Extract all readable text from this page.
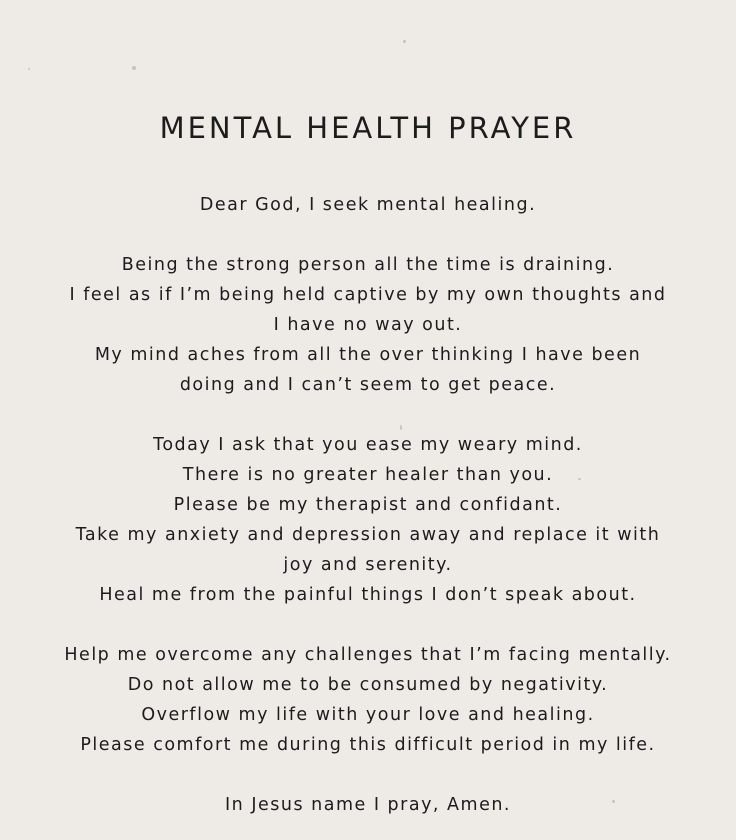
MENTAL HEALTH PRAYER
Dear God, I seek mental healing.
Being the strong person all the time is draining.
I feel as if I’m being held captive by my own thoughts and
I have no way out.
My mind aches from all the over thinking I have been
doing and I can’t seem to get peace.
Today I ask that you ease my weary mind.
There is no greater healer than you.
Please be my therapist and confidant.
Take my anxiety and depression away and replace it with
joy and serenity.
Heal me from the painful things I don’t speak about.
Help me overcome any challenges that I’m facing mentally.
Do not allow me to be consumed by negativity.
Overflow my life with your love and healing.
Please comfort me during this difficult period in my life.
In Jesus name I pray, Amen.
